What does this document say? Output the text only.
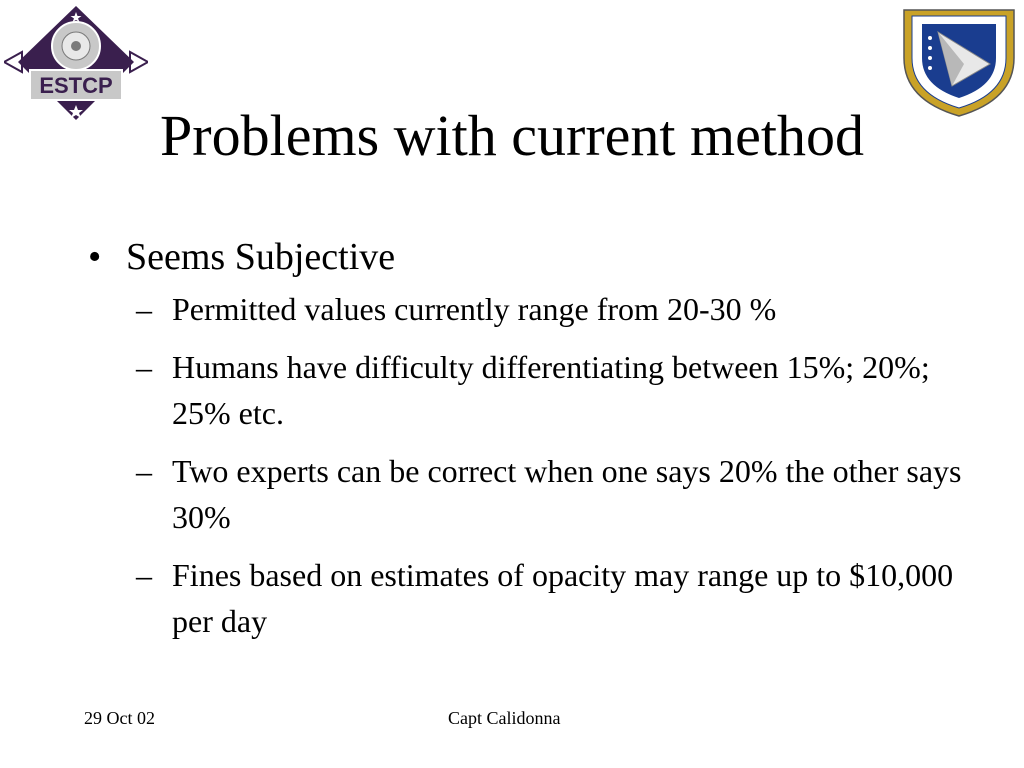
ESTCP
Problems with current method
• Seems Subjective
– Permitted values currently range from 20-30 %
– Humans have difficulty differentiating between 15%; 20%; 25% etc.
– Two experts can be correct when one says 20% the other says 30%
– Fines based on estimates of opacity may range up to $10,000 per day
29 Oct 02	Capt Calidonna
